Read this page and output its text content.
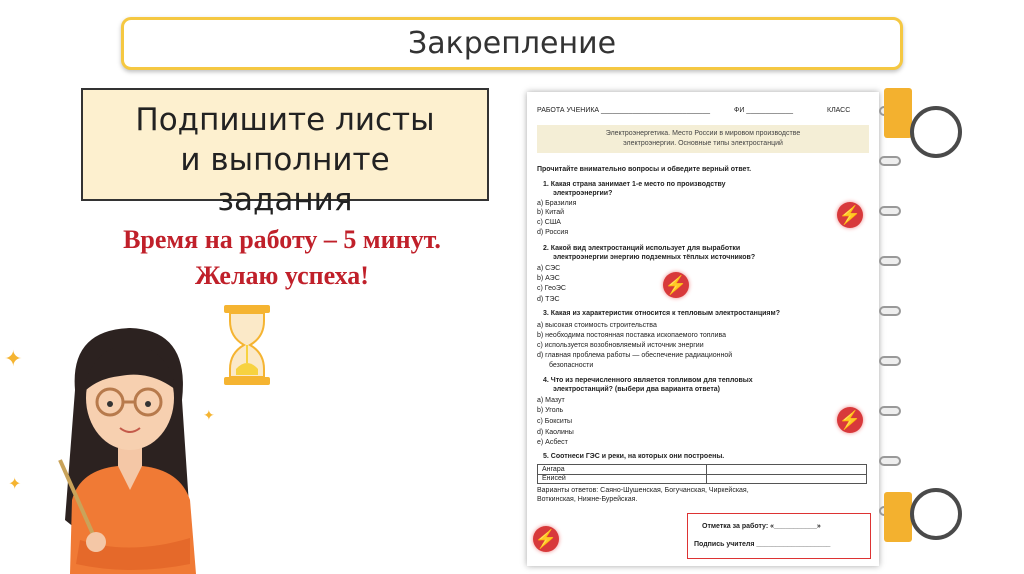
Закрепление
Подпишите листы
и выполните
задания
Время на работу – 5 минут.
Желаю успеха!
✦
✦
✦
РАБОТА УЧЕНИКА ____________________________	ФИ ____________	КЛАСС
Электроэнергетика. Место России в мировом производстве
электроэнергии. Основные типы электростанций
Прочитайте внимательно вопросы и обведите верный ответ.
1. Какая страна занимает 1-е место по производству
электроэнергии?
а) Бразилия
b) Китай
c) США
d) Россия
2. Какой вид электростанций использует для выработки
электроэнергии энергию подземных тёплых источников?
а) СЭС
b) АЭС
c) ГеоЭС
d) ТЭС
3. Какая из характеристик относится к тепловым электростанциям?
а) высокая стоимость строительства
b) необходима постоянная поставка ископаемого топлива
c) используется возобновляемый источник энергии
d) главная проблема работы — обеспечение радиационной
безопасности
4. Что из перечисленного является топливом для тепловых
электростанций? (выбери два варианта ответа)
а) Мазут
b) Уголь
c) Бокситы
d) Каолины
e) Асбест
5. Соотнеси ГЭС и реки, на которых они построены.
Ангара
Енисей
Варианты ответов: Саяно-Шушенская, Богучанская, Чиркейская,
Воткинская, Нижне-Бурейская.
Отметка за работу: «___________»
Подпись учителя ___________________
⚡
⚡
⚡
⚡
